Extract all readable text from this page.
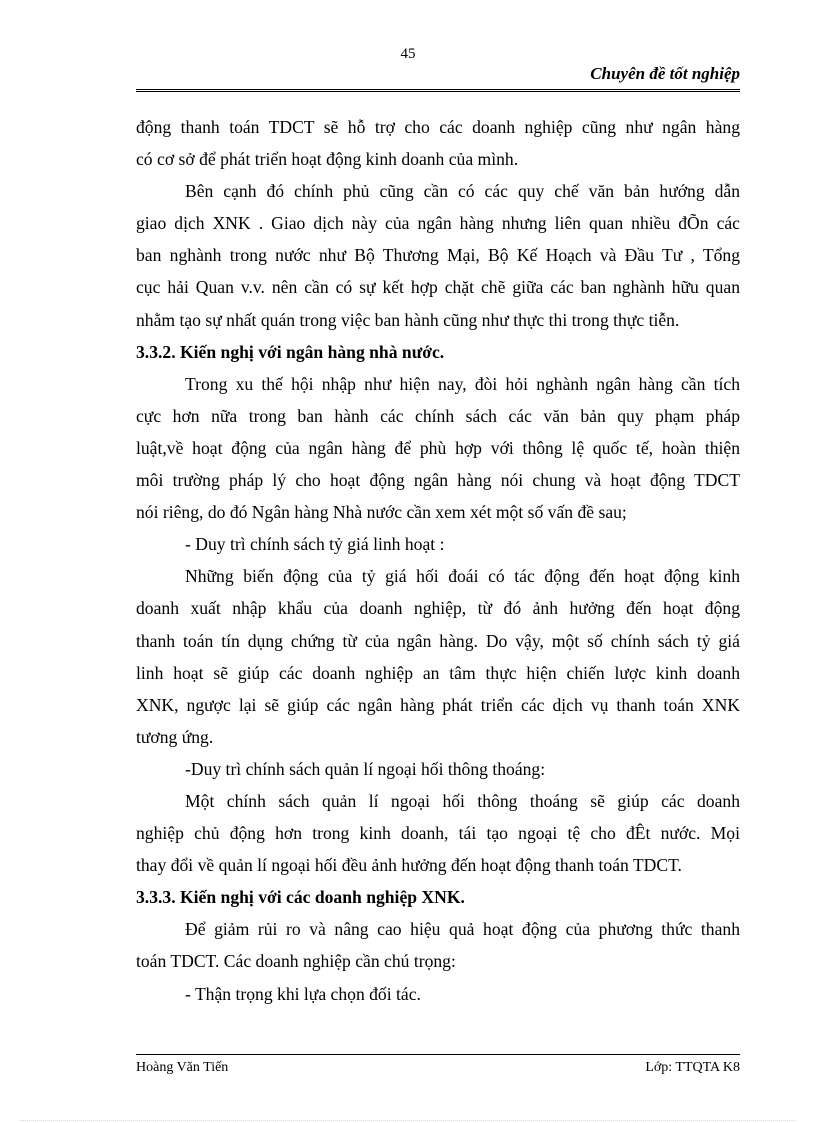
45
Chuyên đề tốt nghiệp
động thanh toán TDCT sẽ hỗ trợ cho các doanh nghiệp cũng như ngân hàng
có cơ sở để phát triển hoạt động kinh doanh của mình.
Bên cạnh đó chính phủ cũng cần có các quy chế văn bản hướng dẫn
giao dịch XNK . Giao dịch này của ngân hàng nhưng liên quan nhiều đÕn các
ban nghành trong nước như Bộ Thương Mại, Bộ Kế Hoạch và Đầu Tư , Tổng
cục hải Quan v.v. nên cần có sự kết hợp chặt chẽ giữa các ban nghành hữu quan
nhằm tạo sự nhất quán trong việc ban hành cũng như thực thi trong thực tiễn.
3.3.2. Kiến nghị với ngân hàng nhà nước.
Trong xu thế hội nhập như hiện nay, đòi hỏi nghành ngân hàng cần tích
cực hơn nữa trong ban hành các chính sách các văn bản quy phạm pháp
luật,về hoạt động của ngân hàng để phù hợp với thông lệ quốc tế, hoàn thiện
môi trường pháp lý cho hoạt động ngân hàng nói chung và hoạt động TDCT
nói riêng, do đó Ngân hàng Nhà nước cần xem xét một số vấn đề sau;
- Duy trì chính sách tỷ giá linh hoạt :
Những biến động của tỷ giá hối đoái có tác động đến hoạt động kinh
doanh xuất nhập khẩu của doanh nghiệp, từ đó ảnh hưởng đến hoạt động
thanh toán tín dụng chứng từ của ngân hàng. Do vậy, một số chính sách tỷ giá
linh hoạt sẽ giúp các doanh nghiệp an tâm thực hiện chiến lược kinh doanh
XNK, ngược lại sẽ giúp các ngân hàng phát triển các dịch vụ thanh toán XNK
tương ứng.
-Duy trì chính sách quản lí ngoại hối thông thoáng:
Một chính sách quản lí ngoại hối thông thoáng sẽ giúp các doanh
nghiệp chủ động hơn trong kinh doanh, tái tạo ngoại tệ cho đÊt nước. Mọi
thay đổi về quản lí ngoại hối đều ảnh hưởng đến hoạt động thanh toán TDCT.
3.3.3. Kiến nghị với các doanh nghiệp XNK.
Để giảm rủi ro và nâng cao hiệu quả hoạt động của phương thức thanh
toán TDCT. Các doanh nghiệp cần chú trọng:
- Thận trọng khi lựa chọn đối tác.
Hoàng Văn Tiến	Lớp: TTQTA K8
